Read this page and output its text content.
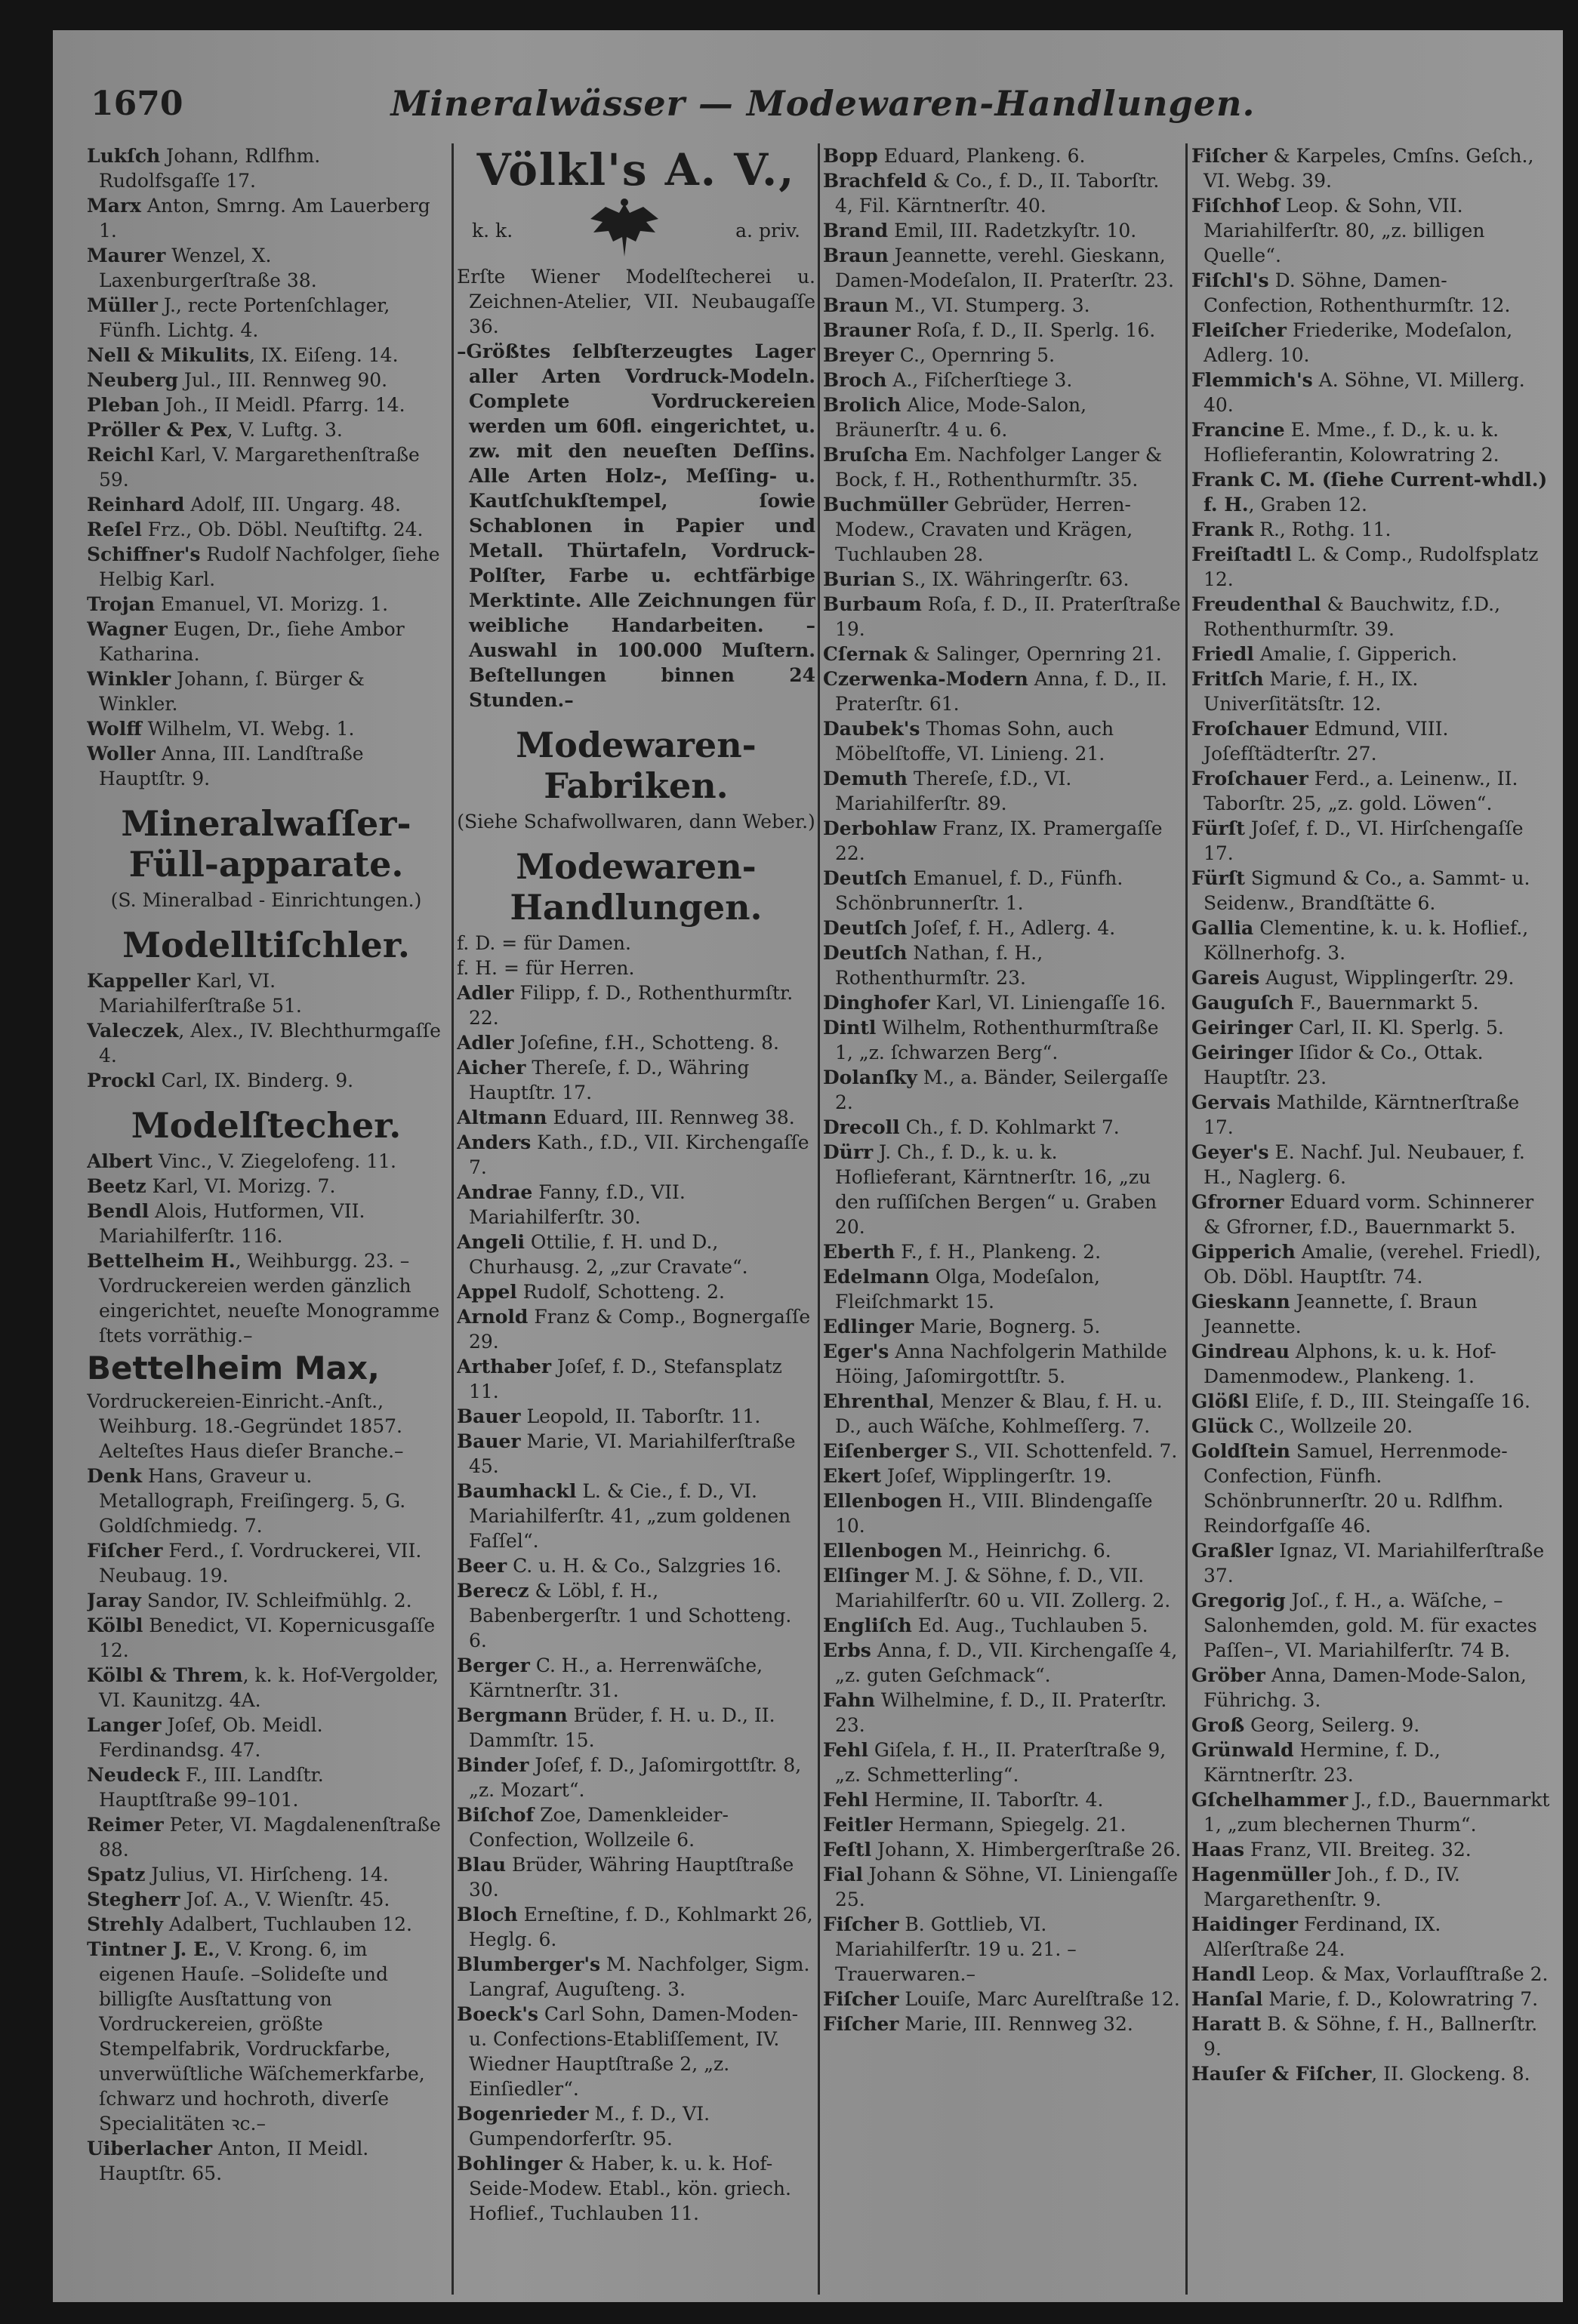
1670	Mineralwässer — Modewaren-Handlungen.

Lukſch Johann, Rdlfhm. Rudolfsgaſſe 17.

Marx Anton, Smrng. Am Lauerberg 1.

Maurer Wenzel, X. Laxenburgerſtraße 38.

Müller J., recte Portenſchlager, Fünfh. Lichtg. 4.

Nell & Mikulits, IX. Eiſeng. 14.

Neuberg Jul., III. Rennweg 90.

Pleban Joh., II Meidl. Pfarrg. 14.

Pröller & Pex, V. Luftg. 3.

Reichl Karl, V. Margarethenſtraße 59.

Reinhard Adolf, III. Ungarg. 48.

Reſel Frz., Ob. Döbl. Neuſtiftg. 24.

Schiffner's Rudolf Nachfolger, ſiehe Helbig Karl.

Trojan Emanuel, VI. Morizg. 1.

Wagner Eugen, Dr., ſiehe Ambor Katharina.

Winkler Johann, ſ. Bürger & Winkler.

Wolff Wilhelm, VI. Webg. 1.

Woller Anna, III. Landſtraße Hauptſtr. 9.

Mineralwaſſer-Füll-apparate.
(S. Mineralbad - Einrichtungen.)
Modelltiſchler.

Kappeller Karl, VI. Mariahilferſtraße 51.

Valeczek, Alex., IV. Blechthurmgaſſe 4.

Prockl Carl, IX. Binderg. 9.

Modelſtecher.

Albert Vinc., V. Ziegelofeng. 11.

Beetz Karl, VI. Morizg. 7.

Bendl Alois, Hutformen, VII. Mariahilferſtr. 116.

Bettelheim H., Weihburgg. 23. –Vordruckereien werden gänzlich eingerichtet, neueſte Monogramme ſtets vorräthig.–

Bettelheim Max,

Vordruckereien-Einricht.-Anſt., Weihburg. 18.-Gegründet 1857. Aelteſtes Haus dieſer Branche.–

Denk Hans, Graveur u. Metallograph, Freiſingerg. 5, G. Goldſchmiedg. 7.

Fiſcher Ferd., ſ. Vordruckerei, VII. Neubaug. 19.

Jaray Sandor, IV. Schleifmühlg. 2.

Kölbl Benedict, VI. Kopernicusgaſſe 12.

Kölbl & Threm, k. k. Hof-Vergolder, VI. Kaunitzg. 4A.

Langer Joſef, Ob. Meidl. Ferdinandsg. 47.

Neudeck F., III. Landſtr. Hauptſtraße 99–101.

Reimer Peter, VI. Magdalenenſtraße 88.

Spatz Julius, VI. Hirſcheng. 14.

Stegherr Joſ. A., V. Wienſtr. 45.

Strehly Adalbert, Tuchlauben 12.

Tintner J. E., V. Krong. 6, im eigenen Hauſe. –Solideſte und billigſte Ausſtattung von Vordruckereien, größte Stempelfabrik, Vordruckfarbe, unverwüſtliche Wäſchemerkfarbe, ſchwarz und hochroth, diverſe Specialitäten ꝛc.–

Uiberlacher Anton, II Meidl. Hauptſtr. 65.

Völkl's A. V.,
k. k.	a. priv.

Erſte Wiener Modelſtecherei u. Zeichnen-Atelier, VII. Neubaugaſſe 36.

–Größtes ſelbſterzeugtes Lager aller Arten Vordruck-Modeln. Complete Vordruckereien werden um 60fl. eingerichtet, u. zw. mit den neueſten Deſſins. Alle Arten Holz-, Meſſing- u. Kautſchukſtempel, ſowie Schablonen in Papier und Metall. Thürtafeln, Vordruck-Polſter, Farbe u. echtfärbige Merktinte. Alle Zeichnungen für weibliche Handarbeiten. – Auswahl in 100.000 Muſtern. Beſtellungen binnen 24 Stunden.–

Modewaren-Fabriken.
(Siehe Schafwollwaren, dann Weber.)
Modewaren-Handlungen.

f. D. = für Damen.

f. H. = für Herren.

Adler Filipp, f. D., Rothenthurmſtr. 22.

Adler Joſefine, f.H., Schotteng. 8.

Aicher Thereſe, f. D., Währing Hauptſtr. 17.

Altmann Eduard, III. Rennweg 38.

Anders Kath., f.D., VII. Kirchengaſſe 7.

Andrae Fanny, f.D., VII. Mariahilferſtr. 30.

Angeli Ottilie, f. H. und D., Churhausg. 2, „zur Cravate“.

Appel Rudolf, Schotteng. 2.

Arnold Franz & Comp., Bognergaſſe 29.

Arthaber Joſef, f. D., Stefansplatz 11.

Bauer Leopold, II. Taborſtr. 11.

Bauer Marie, VI. Mariahilferſtraße 45.

Baumhackl L. & Cie., f. D., VI. Mariahilferſtr. 41, „zum goldenen Faſſel“.

Beer C. u. H. & Co., Salzgries 16.

Berecz & Löbl, f. H., Babenbergerſtr. 1 und Schotteng. 6.

Berger C. H., a. Herrenwäſche, Kärntnerſtr. 31.

Bergmann Brüder, f. H. u. D., II. Dammſtr. 15.

Binder Joſef, f. D., Jaſomirgottſtr. 8, „z. Mozart“.

Biſchof Zoe, Damenkleider-Confection, Wollzeile 6.

Blau Brüder, Währing Hauptſtraße 30.

Bloch Erneſtine, f. D., Kohlmarkt 26, Heglg. 6.

Blumberger's M. Nachfolger, Sigm. Langraf, Auguſteng. 3.

Boeck's Carl Sohn, Damen-Moden- u. Confections-Etabliſſement, IV. Wiedner Hauptſtraße 2, „z. Einſiedler“.

Bogenrieder M., f. D., VI. Gumpendorferſtr. 95.

Bohlinger & Haber, k. u. k. Hof-Seide-Modew. Etabl., kön. griech. Hoflief., Tuchlauben 11.

Bopp Eduard, Plankeng. 6.

Brachfeld & Co., f. D., II. Taborſtr. 4, Fil. Kärntnerſtr. 40.

Brand Emil, III. Radetzkyſtr. 10.

Braun Jeannette, verehl. Gieskann, Damen-Modeſalon, II. Praterſtr. 23.

Braun M., VI. Stumperg. 3.

Brauner Roſa, f. D., II. Sperlg. 16.

Breyer C., Opernring 5.

Broch A., Fiſcherſtiege 3.

Brolich Alice, Mode-Salon, Bräunerſtr. 4 u. 6.

Bruſcha Em. Nachfolger Langer & Bock, f. H., Rothenthurmſtr. 35.

Buchmüller Gebrüder, Herren-Modew., Cravaten und Krägen, Tuchlauben 28.

Burian S., IX. Währingerſtr. 63.

Burbaum Roſa, f. D., II. Praterſtraße 19.

Cſernak & Salinger, Opernring 21.

Czerwenka-Modern Anna, f. D., II. Praterſtr. 61.

Daubek's Thomas Sohn, auch Möbelſtoffe, VI. Linieng. 21.

Demuth Thereſe, f.D., VI. Mariahilferſtr. 89.

Derbohlaw Franz, IX. Pramergaſſe 22.

Deutſch Emanuel, f. D., Fünfh. Schönbrunnerſtr. 1.

Deutſch Joſef, f. H., Adlerg. 4.

Deutſch Nathan, f. H., Rothenthurmſtr. 23.

Dinghofer Karl, VI. Liniengaſſe 16.

Dintl Wilhelm, Rothenthurmſtraße 1, „z. ſchwarzen Berg“.

Dolanſky M., a. Bänder, Seilergaſſe 2.

Drecoll Ch., f. D. Kohlmarkt 7.

Dürr J. Ch., f. D., k. u. k. Hoflieferant, Kärntnerſtr. 16, „zu den ruſſiſchen Bergen“ u. Graben 20.

Eberth F., f. H., Plankeng. 2.

Edelmann Olga, Modeſalon, Fleiſchmarkt 15.

Edlinger Marie, Bognerg. 5.

Eger's Anna Nachfolgerin Mathilde Höing, Jaſomirgottſtr. 5.

Ehrenthal, Menzer & Blau, f. H. u. D., auch Wäſche, Kohlmeſſerg. 7.

Eiſenberger S., VII. Schottenfeld. 7.

Ekert Joſef, Wipplingerſtr. 19.

Ellenbogen H., VIII. Blindengaſſe 10.

Ellenbogen M., Heinrichg. 6.

Elſinger M. J. & Söhne, f. D., VII. Mariahilferſtr. 60 u. VII. Zollerg. 2.

Engliſch Ed. Aug., Tuchlauben 5.

Erbs Anna, f. D., VII. Kirchengaſſe 4, „z. guten Geſchmack“.

Fahn Wilhelmine, f. D., II. Praterſtr. 23.

Fehl Giſela, f. H., II. Praterſtraße 9, „z. Schmetterling“.

Fehl Hermine, II. Taborſtr. 4.

Feitler Hermann, Spiegelg. 21.

Feſtl Johann, X. Himbergerſtraße 26.

Fial Johann & Söhne, VI. Liniengaſſe 25.

Fiſcher B. Gottlieb, VI. Mariahilferſtr. 19 u. 21. –Trauerwaren.–

Fiſcher Louiſe, Marc Aurelſtraße 12.

Fiſcher Marie, III. Rennweg 32.

Fiſcher & Karpeles, Cmſns. Geſch., VI. Webg. 39.

Fiſchhof Leop. & Sohn, VII. Mariahilferſtr. 80, „z. billigen Quelle“.

Fiſchl's D. Söhne, Damen-Confection, Rothenthurmſtr. 12.

Fleiſcher Friederike, Modeſalon, Adlerg. 10.

Flemmich's A. Söhne, VI. Millerg. 40.

Francine E. Mme., f. D., k. u. k. Hoflieferantin, Kolowratring 2.

Frank C. M. (ſiehe Current-whdl.) f. H., Graben 12.

Frank R., Rothg. 11.

Freiſtadtl L. & Comp., Rudolfsplatz 12.

Freudenthal & Bauchwitz, f.D., Rothenthurmſtr. 39.

Friedl Amalie, ſ. Gipperich.

Fritſch Marie, f. H., IX. Univerſitätsſtr. 12.

Froſchauer Edmund, VIII. Joſefſtädterſtr. 27.

Froſchauer Ferd., a. Leinenw., II. Taborſtr. 25, „z. gold. Löwen“.

Fürſt Joſef, f. D., VI. Hirſchengaſſe 17.

Fürſt Sigmund & Co., a. Sammt- u. Seidenw., Brandſtätte 6.

Gallia Clementine, k. u. k. Hoflief., Köllnerhofg. 3.

Gareis August, Wipplingerſtr. 29.

Gauguſch F., Bauernmarkt 5.

Geiringer Carl, II. Kl. Sperlg. 5.

Geiringer Iſidor & Co., Ottak. Hauptſtr. 23.

Gervais Mathilde, Kärntnerſtraße 17.

Geyer's E. Nachf. Jul. Neubauer, f. H., Naglerg. 6.

Gfrorner Eduard vorm. Schinnerer & Gfrorner, f.D., Bauernmarkt 5.

Gipperich Amalie, (verehel. Friedl), Ob. Döbl. Hauptſtr. 74.

Gieskann Jeannette, ſ. Braun Jeannette.

Gindreau Alphons, k. u. k. Hof-Damenmodew., Plankeng. 1.

Glößl Eliſe, f. D., III. Steingaſſe 16.

Glück C., Wollzeile 20.

Goldſtein Samuel, Herrenmode-Confection, Fünfh. Schönbrunnerſtr. 20 u. Rdlfhm. Reindorfgaſſe 46.

Graßler Ignaz, VI. Mariahilferſtraße 37.

Gregorig Joſ., f. H., a. Wäſche, –Salonhemden, gold. M. für exactes Paſſen–, VI. Mariahilferſtr. 74 B.

Gröber Anna, Damen-Mode-Salon, Führichg. 3.

Groß Georg, Seilerg. 9.

Grünwald Hermine, f. D., Kärntnerſtr. 23.

Gſchelhammer J., f.D., Bauernmarkt 1, „zum blechernen Thurm“.

Haas Franz, VII. Breiteg. 32.

Hagenmüller Joh., f. D., IV. Margarethenſtr. 9.

Haidinger Ferdinand, IX. Alſerſtraße 24.

Handl Leop. & Max, Vorlaufſtraße 2.

Hanſal Marie, f. D., Kolowratring 7.

Haratt B. & Söhne, f. H., Ballnerſtr. 9.

Hauſer & Fiſcher, II. Glockeng. 8.
